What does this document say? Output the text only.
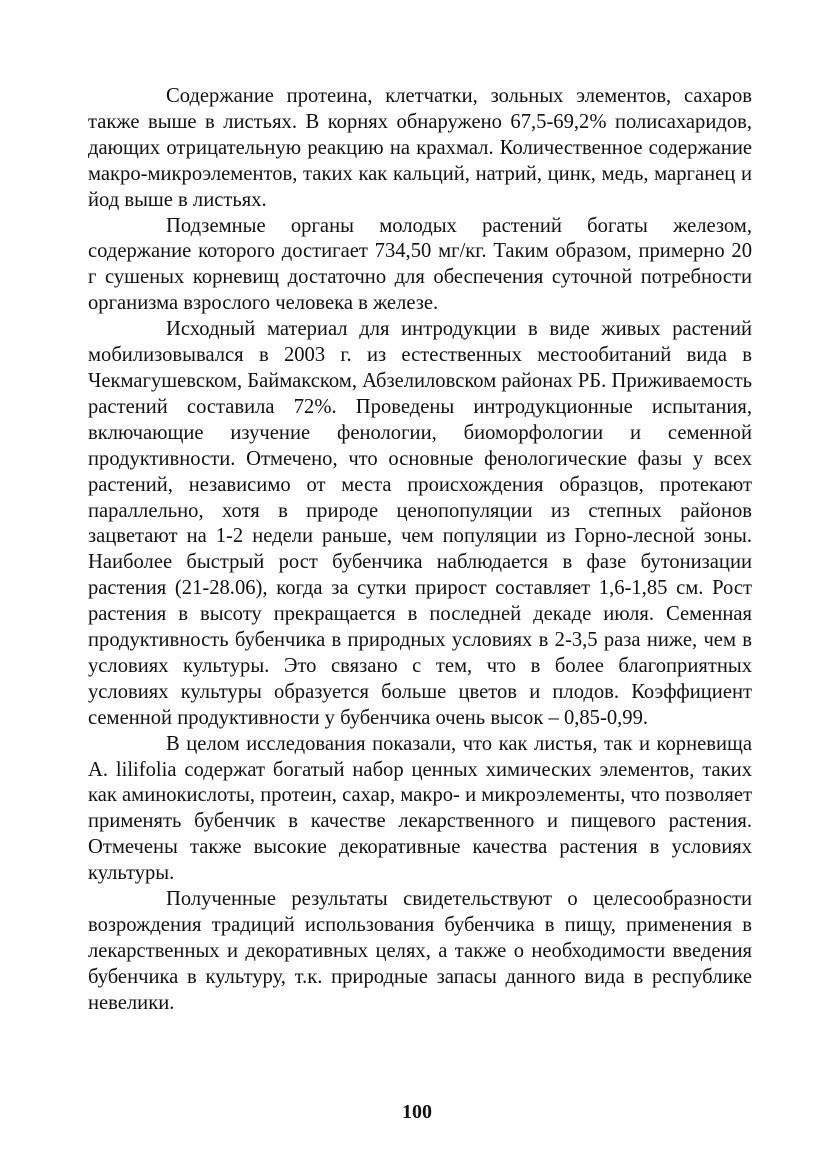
Содержание протеина, клетчатки, зольных элементов, сахаров также выше в листьях. В корнях обнаружено 67,5-69,2% полисахаридов, дающих отрицательную реакцию на крахмал. Количественное содержание макро-микроэлементов, таких как кальций, натрий, цинк, медь, марганец и йод выше в листьях.

Подземные органы молодых растений богаты железом, содержание которого достигает 734,50 мг/кг. Таким образом, примерно 20 г сушеных корневищ достаточно для обеспечения суточной потребности организма взрослого человека в железе.

Исходный материал для интродукции в виде живых растений мобилизовывался в 2003 г. из естественных местообитаний вида в Чекмагушевском, Баймакском, Абзелиловском районах РБ. Приживаемость растений составила 72%. Проведены интродукционные испытания, включающие изучение фенологии, биоморфологии и семенной продуктивности. Отмечено, что основные фенологические фазы у всех растений, независимо от места происхождения образцов, протекают параллельно, хотя в природе ценопопуляции из степных районов зацветают на 1-2 недели раньше, чем популяции из Горно-лесной зоны. Наиболее быстрый рост бубенчика наблюдается в фазе бутонизации растения (21-28.06), когда за сутки прирост составляет 1,6-1,85 см. Рост растения в высоту прекращается в последней декаде июля. Семенная продуктивность бубенчика в природных условиях в 2-3,5 раза ниже, чем в условиях культуры. Это связано с тем, что в более благоприятных условиях культуры образуется больше цветов и плодов. Коэффициент семенной продуктивности у бубенчика очень высок – 0,85-0,99.

В целом исследования показали, что как листья, так и корневища A. lilifolia содержат богатый набор ценных химических элементов, таких как аминокислоты, протеин, сахар, макро- и микроэлементы, что позволяет применять бубенчик в качестве лекарственного и пищевого растения. Отмечены также высокие декоративные качества растения в условиях культуры.

Полученные результаты свидетельствуют о целесообразности возрождения традиций использования бубенчика в пищу, применения в лекарственных и декоративных целях, а также о необходимости введения бубенчика в культуру, т.к. природные запасы данного вида в республике невелики.

100
